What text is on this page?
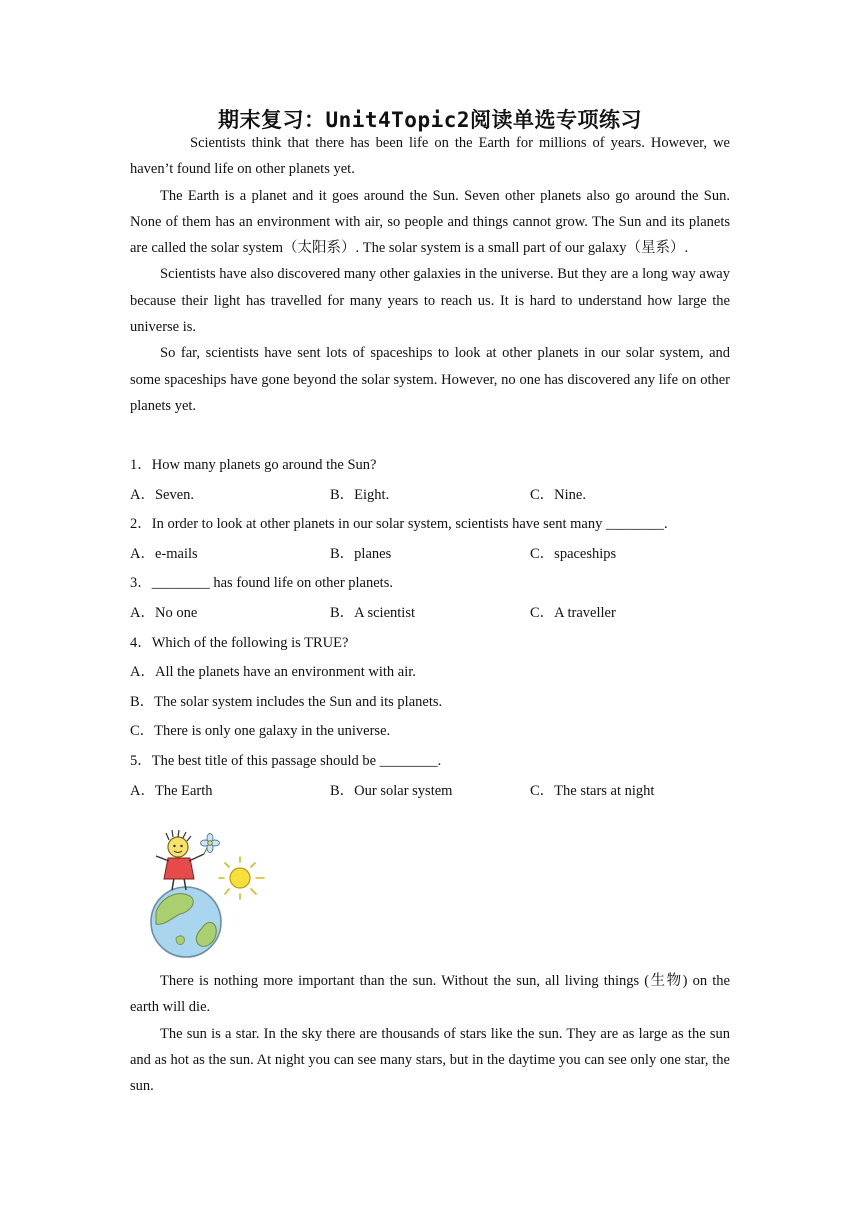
期末复习：Unit4Topic2阅读单选专项练习

Scientists think that there has been life on the Earth for millions of years. However, we haven’t found life on other planets yet.

The Earth is a planet and it goes around the Sun. Seven other planets also go around the Sun. None of them has an environment with air, so people and things cannot grow. The Sun and its planets are called the solar system（太阳系）. The solar system is a small part of our galaxy（星系）.

Scientists have also discovered many other galaxies in the universe. But they are a long way away because their light has travelled for many years to reach us. It is hard to understand how large the universe is.

So far, scientists have sent lots of spaceships to look at other planets in our solar system, and some spaceships have gone beyond the solar system. However, no one has discovered any life on other planets yet.

1．How many planets go around the Sun?
A．Seven.	B．Eight.	C．Nine.
2．In order to look at other planets in our solar system, scientists have sent many ________.
A．e-mails	B．planes	C．spaceships
3．________ has found life on other planets.
A．No one	B．A scientist	C．A traveller
4．Which of the following is TRUE?
A．All the planets have an environment with air.
B．The solar system includes the Sun and its planets.
C．There is only one galaxy in the universe.
5．The best title of this passage should be ________.
A．The Earth	B．Our solar system	C．The stars at night

There is nothing more important than the sun. Without the sun, all living things (生物) on the earth will die.

The sun is a star. In the sky there are thousands of stars like the sun. They are as large as the sun and as hot as the sun. At night you can see many stars, but in the daytime you can see only one star, the sun.
